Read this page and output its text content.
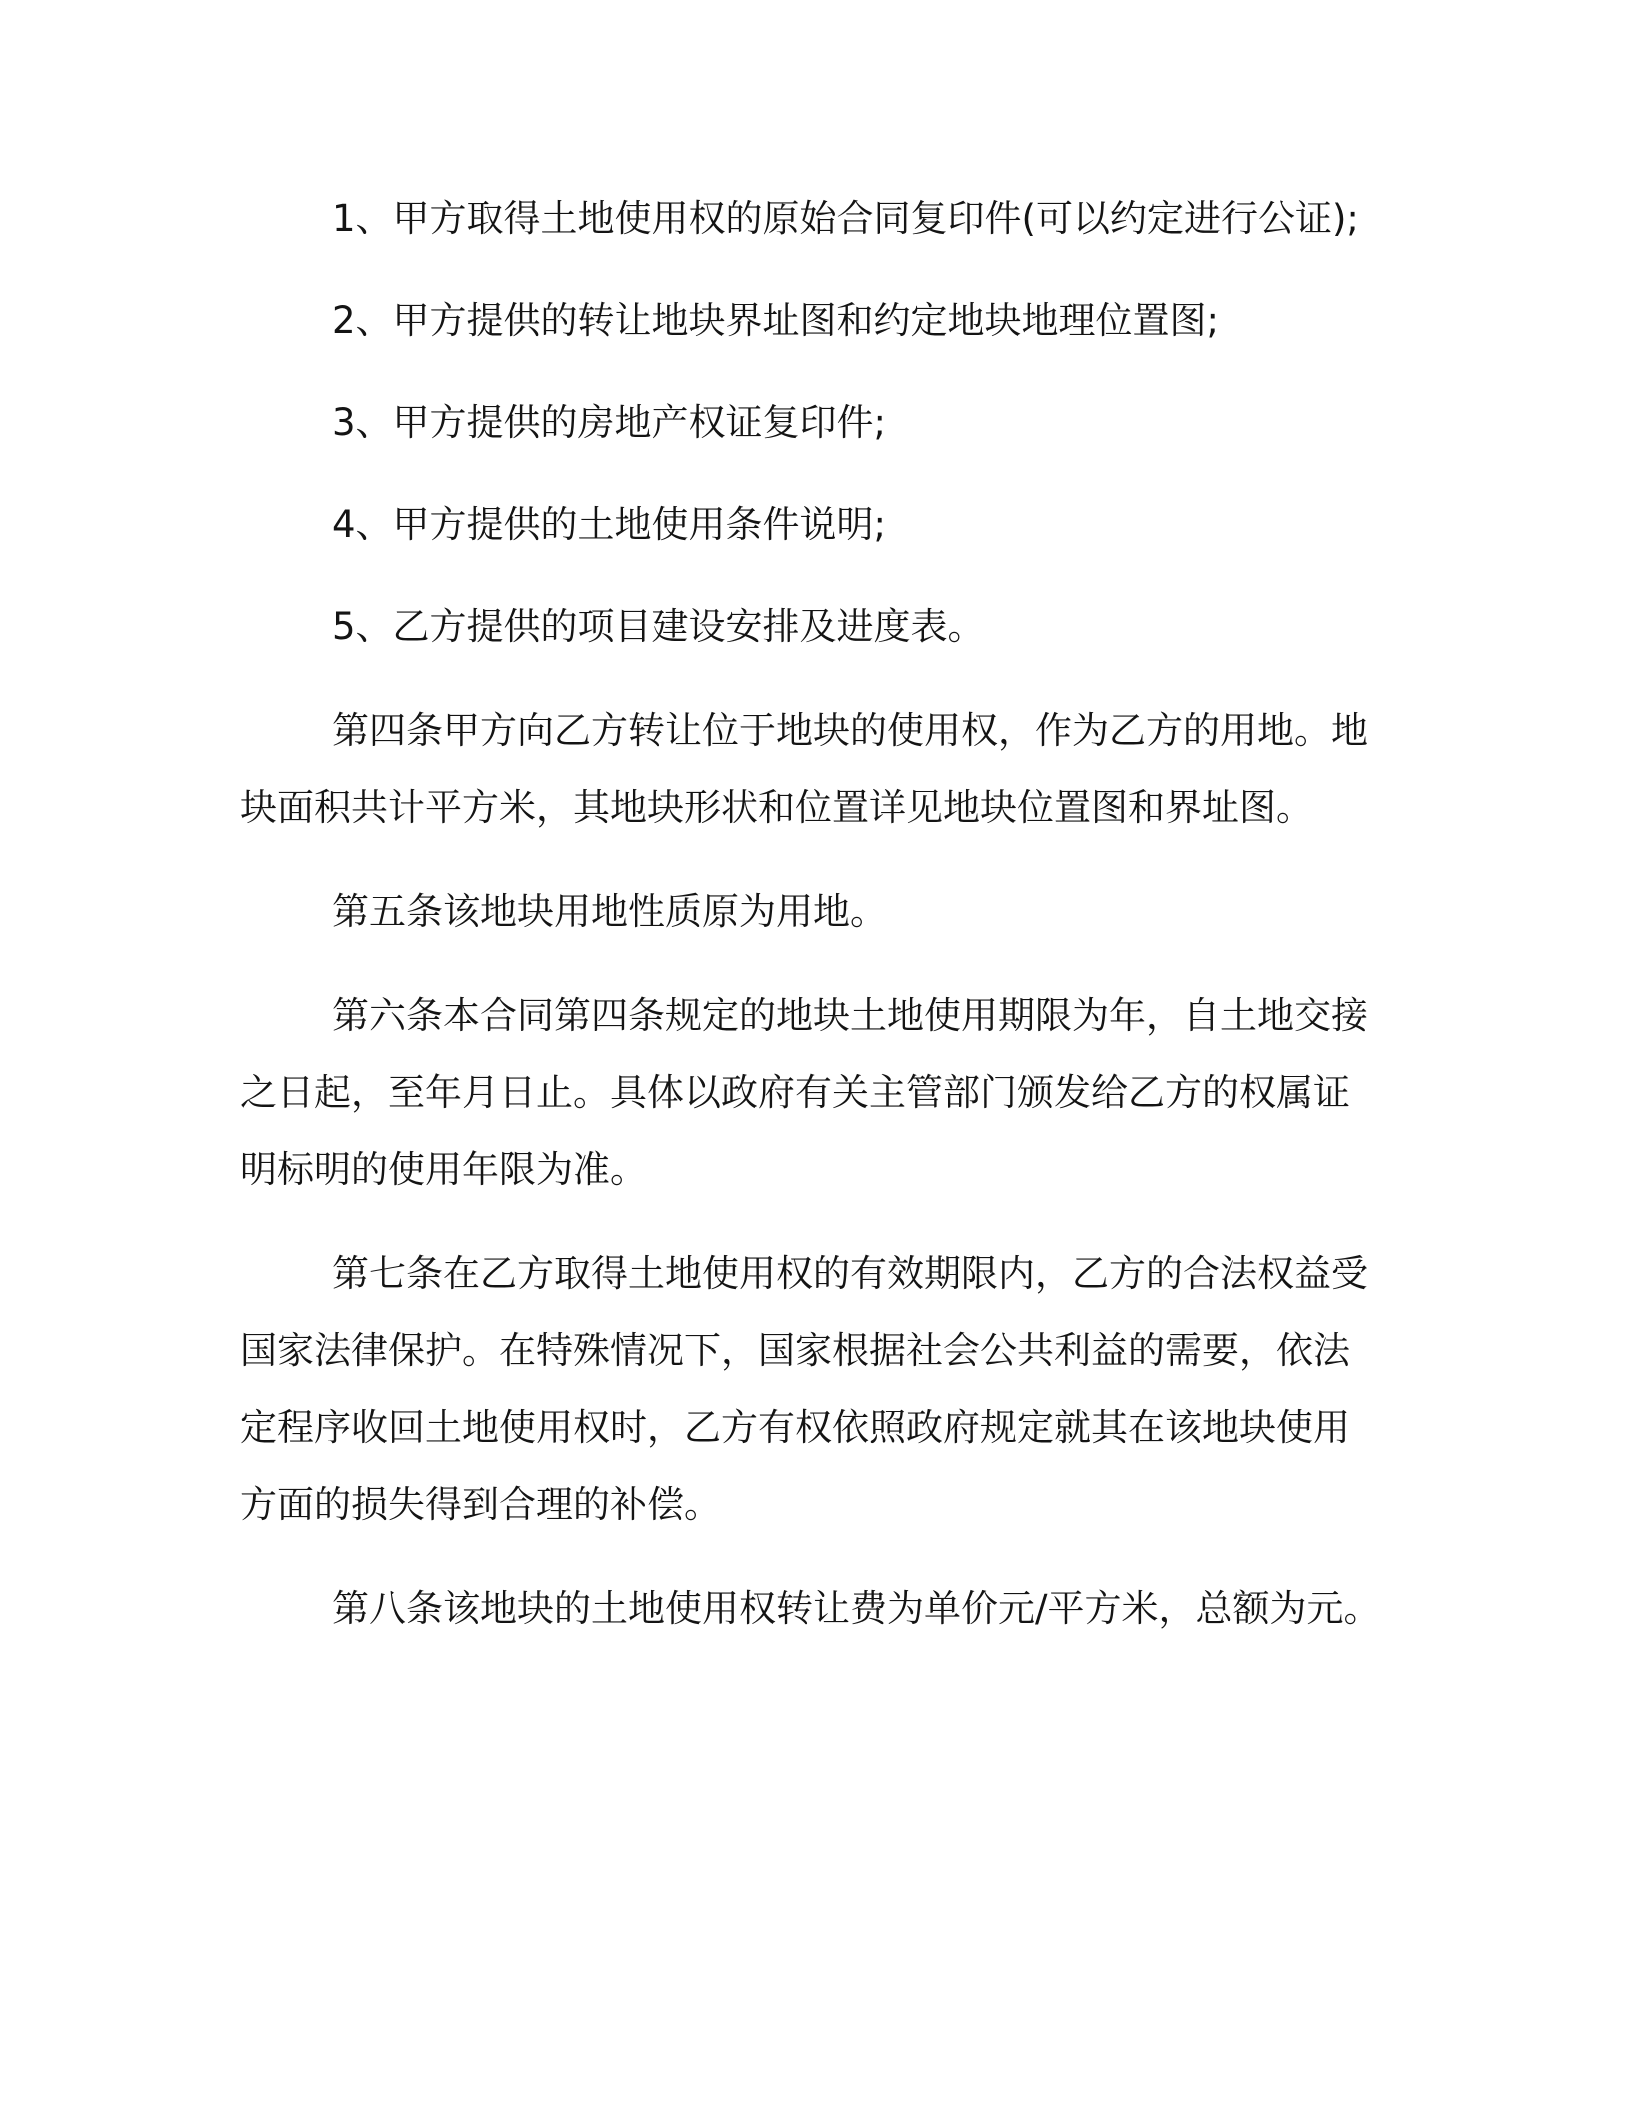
1、甲方取得土地使用权的原始合同复印件(可以约定进行公证);

2、甲方提供的转让地块界址图和约定地块地理位置图;

3、甲方提供的房地产权证复印件;

4、甲方提供的土地使用条件说明;

5、乙方提供的项目建设安排及进度表。

第四条甲方向乙方转让位于地块的使用权，作为乙方的用地。地

块面积共计平方米，其地块形状和位置详见地块位置图和界址图。

第五条该地块用地性质原为用地。

第六条本合同第四条规定的地块土地使用期限为年，自土地交接

之日起，至年月日止。具体以政府有关主管部门颁发给乙方的权属证

明标明的使用年限为准。

第七条在乙方取得土地使用权的有效期限内，乙方的合法权益受

国家法律保护。在特殊情况下，国家根据社会公共利益的需要，依法

定程序收回土地使用权时，乙方有权依照政府规定就其在该地块使用

方面的损失得到合理的补偿。

第八条该地块的土地使用权转让费为单价元/平方米，总额为元。
